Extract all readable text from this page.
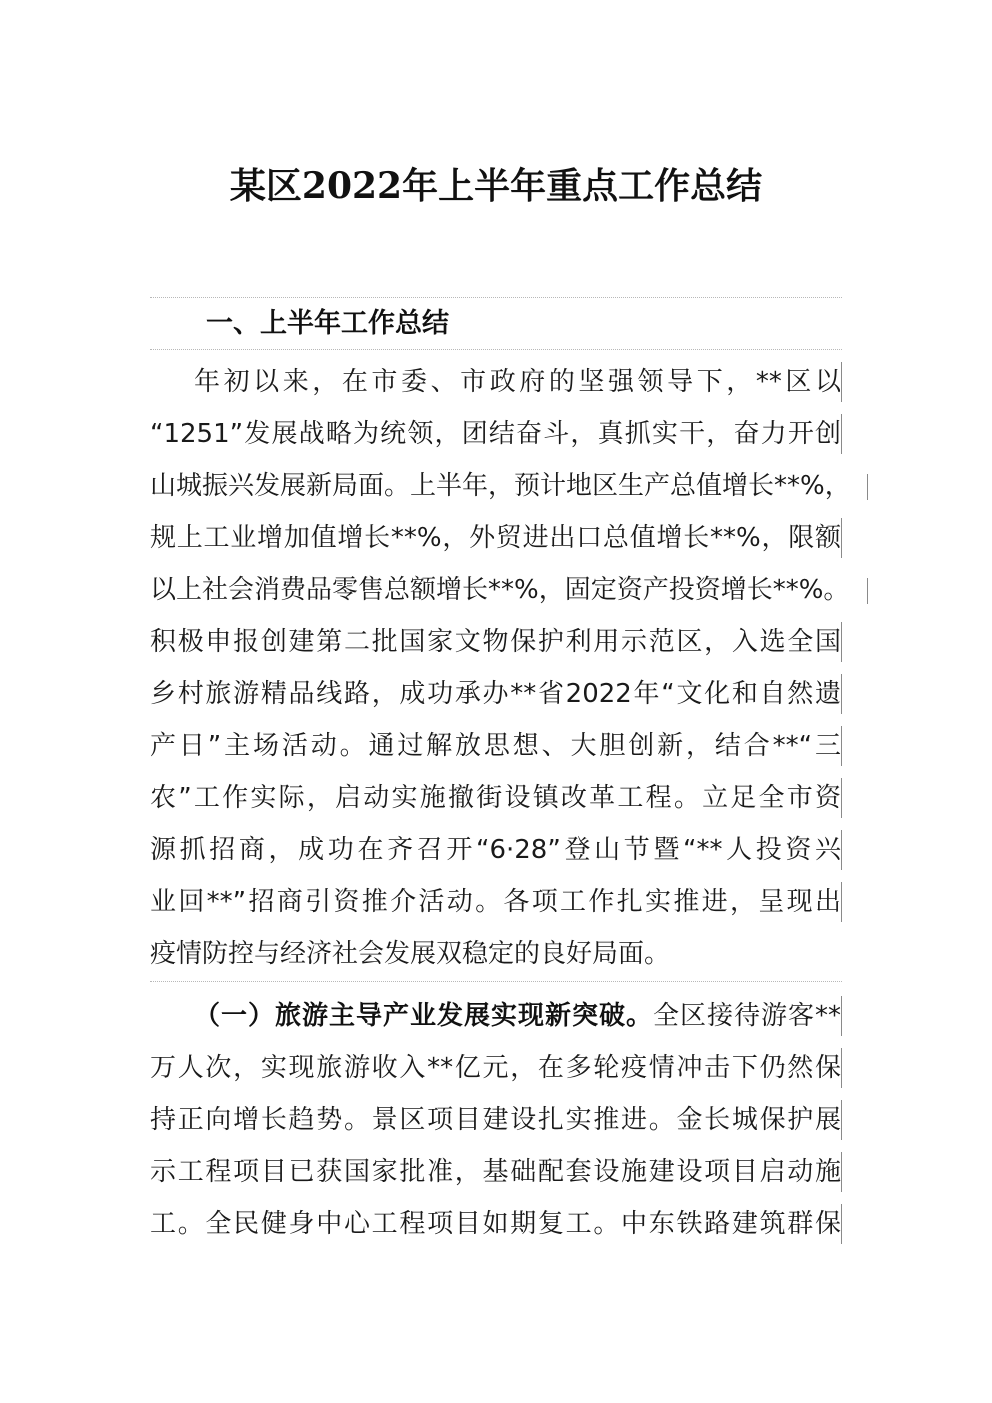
某区2022年上半年重点工作总结
一、上半年工作总结
年初以来，在市委、市政府的坚强领导下，**区以
“1251”发展战略为统领，团结奋斗，真抓实干，奋力开创
山城振兴发展新局面。上半年，预计地区生产总值增长**%，
规上工业增加值增长**%，外贸进出口总值增长**%，限额
以上社会消费品零售总额增长**%，固定资产投资增长**%。
积极申报创建第二批国家文物保护利用示范区，入选全国
乡村旅游精品线路，成功承办**省2022年“文化和自然遗
产日”主场活动。通过解放思想、大胆创新，结合**“三
农”工作实际，启动实施撤街设镇改革工程。立足全市资
源抓招商，成功在齐召开“6·28”登山节暨“**人投资兴
业回**”招商引资推介活动。各项工作扎实推进，呈现出
疫情防控与经济社会发展双稳定的良好局面。
（一）旅游主导产业发展实现新突破。全区接待游客**
万人次，实现旅游收入**亿元，在多轮疫情冲击下仍然保
持正向增长趋势。景区项目建设扎实推进。金长城保护展
示工程项目已获国家批准，基础配套设施建设项目启动施
工。全民健身中心工程项目如期复工。中东铁路建筑群保
